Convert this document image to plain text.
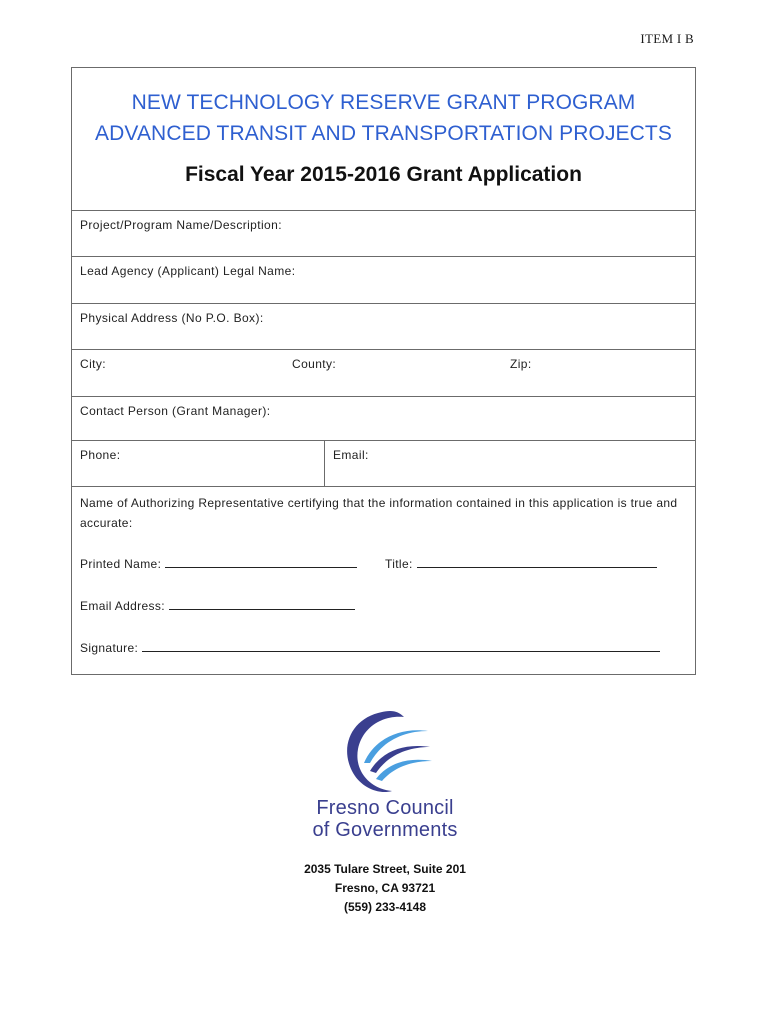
ITEM I B
NEW TECHNOLOGY RESERVE GRANT PROGRAM
ADVANCED TRANSIT AND TRANSPORTATION PROJECTS
Fiscal Year 2015-2016 Grant Application
Project/Program Name/Description:
Lead Agency (Applicant) Legal Name:
Physical Address (No P.O. Box):
City:	County:	Zip:
Contact Person (Grant Manager):
Phone:	Email:
Name of Authorizing Representative certifying that the information contained in this application is true and accurate:
Printed Name:	Title:
Email Address:
Signature:
Fresno Council
of Governments
2035 Tulare Street, Suite 201
Fresno, CA 93721
(559) 233-4148
